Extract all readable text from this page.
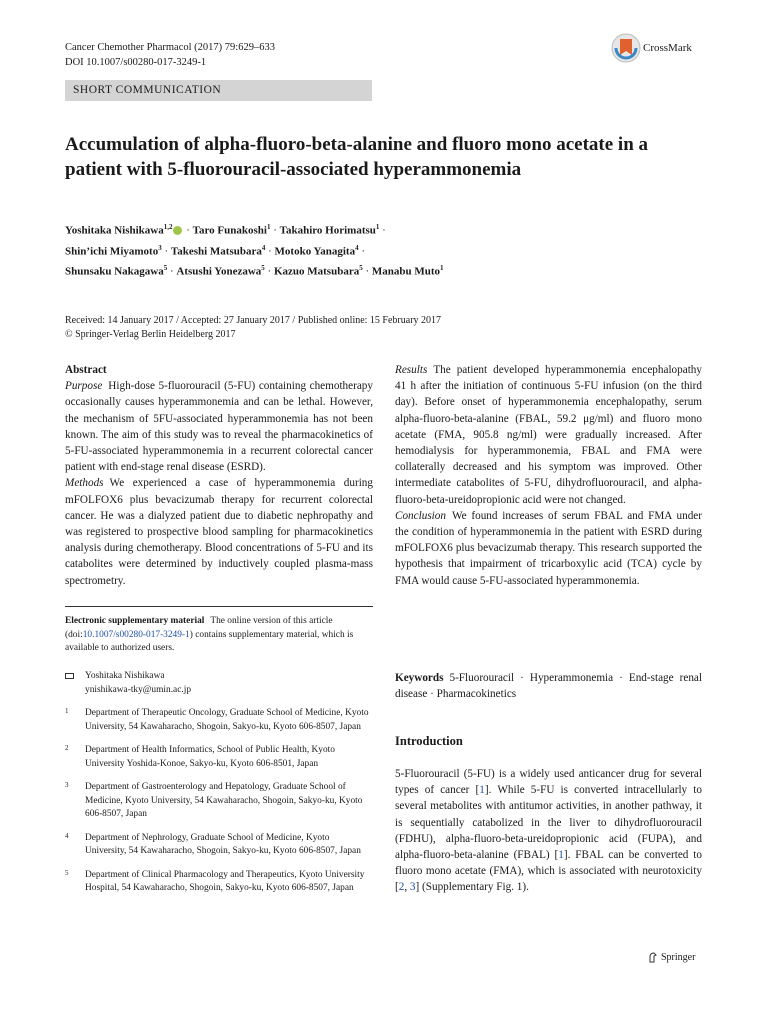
Cancer Chemother Pharmacol (2017) 79:629–633
DOI 10.1007/s00280-017-3249-1
CrossMark
SHORT COMMUNICATION
Accumulation of alpha-fluoro-beta-alanine and fluoro mono acetate in a patient with 5-fluorouracil-associated hyperammonemia
Yoshitaka Nishikawa$^{1,2}$ · Taro Funakoshi$^1$ · Takahiro Horimatsu$^1$ ·
Shin’ichi Miyamoto$^3$ · Takeshi Matsubara$^4$ · Motoko Yanagita$^4$ ·
Shunsaku Nakagawa$^5$ · Atsushi Yonezawa$^5$ · Kazuo Matsubara$^5$ · Manabu Muto$^1$
Received: 14 January 2017 / Accepted: 27 January 2017 / Published online: 15 February 2017
© Springer-Verlag Berlin Heidelberg 2017
Abstract
Purpose High-dose 5-fluorouracil (5-FU) containing chemotherapy occasionally causes hyperammonemia and can be lethal. However, the mechanism of 5FU-associated hyperammonemia has not been known. The aim of this study was to reveal the pharmacokinetics of 5-FU-associated hyperammonemia in a recurrent colorectal cancer patient with end-stage renal disease (ESRD).
Methods We experienced a case of hyperammonemia during mFOLFOX6 plus bevacizumab therapy for recurrent colorectal cancer. He was a dialyzed patient due to diabetic nephropathy and was registered to prospective blood sampling for pharmacokinetics analysis during chemotherapy. Blood concentrations of 5-FU and its catabolites were determined by inductively coupled plasma-mass spectrometry.
Electronic supplementary material The online version of this article (doi:10.1007/s00280-017-3249-1) contains supplementary material, which is available to authorized users.
Yoshitaka Nishikawa
ynishikawa-tky@umin.ac.jp
1 Department of Therapeutic Oncology, Graduate School of Medicine, Kyoto University, 54 Kawaharacho, Shogoin, Sakyo-ku, Kyoto 606-8507, Japan
2 Department of Health Informatics, School of Public Health, Kyoto University Yoshida-Konoe, Sakyo-ku, Kyoto 606-8501, Japan
3 Department of Gastroenterology and Hepatology, Graduate School of Medicine, Kyoto University, 54 Kawaharacho, Shogoin, Sakyo-ku, Kyoto 606-8507, Japan
4 Department of Nephrology, Graduate School of Medicine, Kyoto University, 54 Kawaharacho, Shogoin, Sakyo-ku, Kyoto 606-8507, Japan
5 Department of Clinical Pharmacology and Therapeutics, Kyoto University Hospital, 54 Kawaharacho, Shogoin, Sakyo-ku, Kyoto 606-8507, Japan
Results The patient developed hyperammonemia encephalopathy 41 h after the initiation of continuous 5-FU infusion (on the third day). Before onset of hyperammonemia encephalopathy, serum alpha-fluoro-beta-alanine (FBAL, 59.2 μg/ml) and fluoro mono acetate (FMA, 905.8 ng/ml) were gradually increased. After hemodialysis for hyperammonemia, FBAL and FMA were collaterally decreased and his symptom was improved. Other intermediate catabolites of 5-FU, dihydrofluorouracil, and alpha-fluoro-beta-ureidopropionic acid were not changed.
Conclusion We found increases of serum FBAL and FMA under the condition of hyperammonemia in the patient with ESRD during mFOLFOX6 plus bevacizumab therapy. This research supported the hypothesis that impairment of tricarboxylic acid (TCA) cycle by FMA would cause 5-FU-associated hyperammonemia.
Keywords 5-Fluorouracil · Hyperammonemia · End-stage renal disease · Pharmacokinetics
Introduction
5-Fluorouracil (5-FU) is a widely used anticancer drug for several types of cancer [1]. While 5-FU is converted intracellularly to several metabolites with antitumor activities, in another pathway, it is sequentially catabolized in the liver to dihydrofluorouracil (FDHU), alpha-fluoro-beta-ureidopropionic acid (FUPA), and alpha-fluoro-beta-alanine (FBAL) [1]. FBAL can be converted to fluoro mono acetate (FMA), which is associated with neurotoxicity [2, 3] (Supplementary Fig. 1).
Springer
